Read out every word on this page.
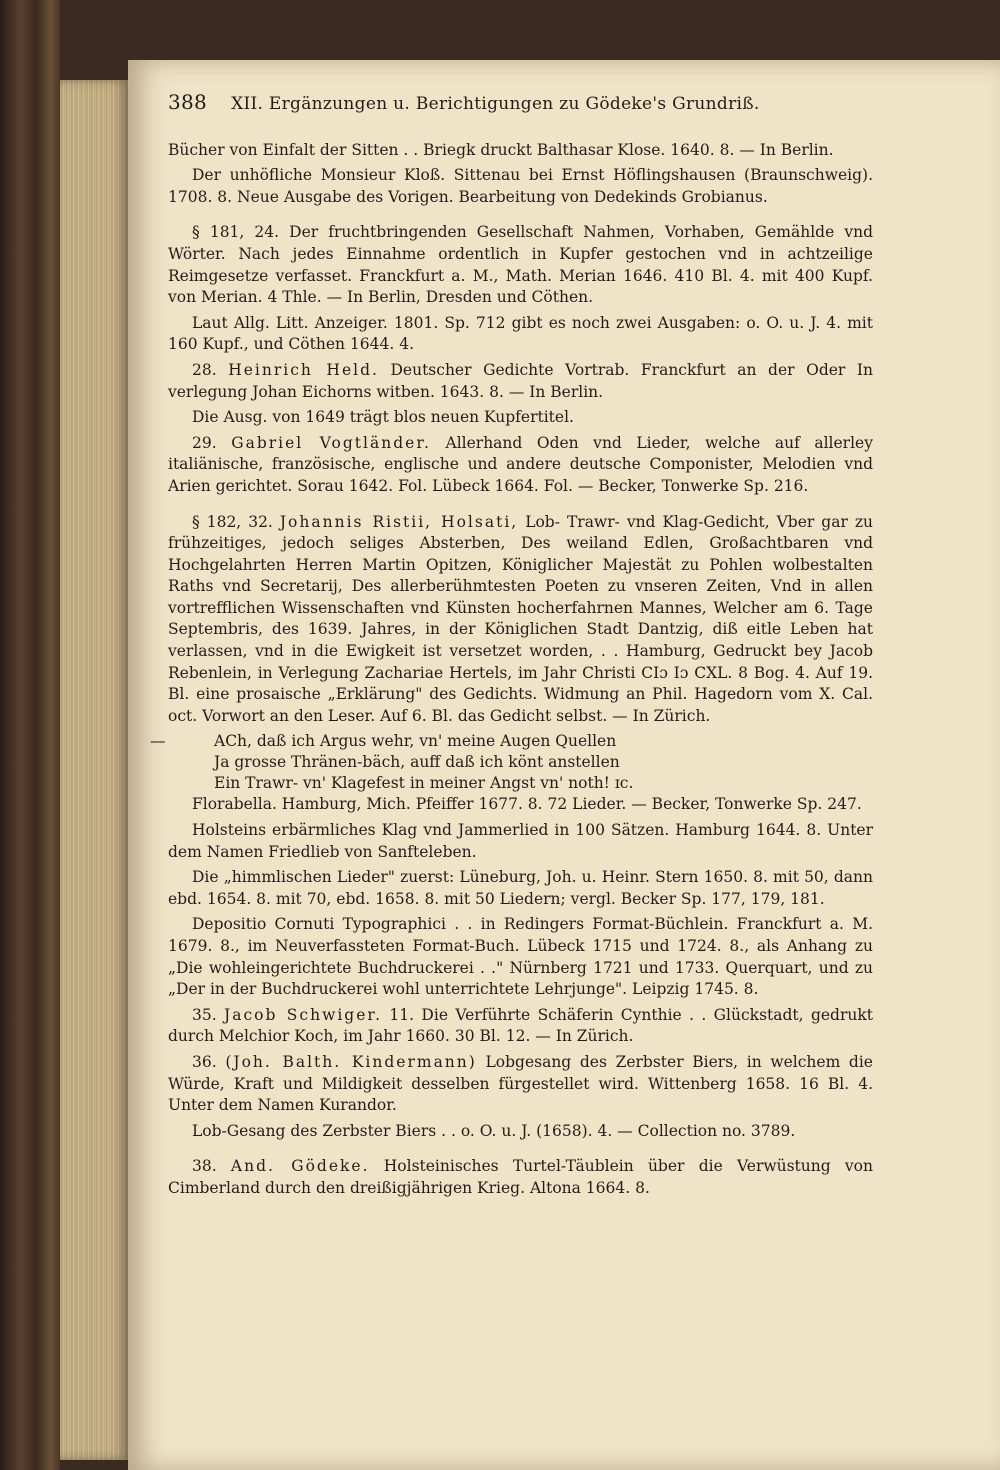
388 XII. Ergänzungen u. Berichtigungen zu Gödeke's Grundriß.

Bücher von Einfalt der Sitten . . Briegk druckt Balthasar Klose. 1640. 8. — In Berlin.

Der unhöfliche Monsieur Kloß. Sittenau bei Ernst Höflingshausen (Braunschweig). 1708. 8. Neue Ausgabe des Vorigen. Bearbeitung von Dedekinds Grobianus.

§ 181, 24. Der fruchtbringenden Gesellschaft Nahmen, Vorhaben, Gemählde vnd Wörter. Nach jedes Einnahme ordentlich in Kupfer gestochen vnd in achtzeilige Reimgesetze verfasset. Franckfurt a. M., Math. Merian 1646. 410 Bl. 4. mit 400 Kupf. von Merian. 4 Thle. — In Berlin, Dresden und Cöthen.

Laut Allg. Litt. Anzeiger. 1801. Sp. 712 gibt es noch zwei Ausgaben: o. O. u. J. 4. mit 160 Kupf., und Cöthen 1644. 4.

28. Heinrich Held. Deutscher Gedichte Vortrab. Franckfurt an der Oder In verlegung Johan Eichorns witben. 1643. 8. — In Berlin.

Die Ausg. von 1649 trägt blos neuen Kupfertitel.

29. Gabriel Vogtländer. Allerhand Oden vnd Lieder, welche auf allerley italiänische, französische, englische und andere deutsche Componister, Melodien vnd Arien gerichtet. Sorau 1642. Fol. Lübeck 1664. Fol. — Becker, Tonwerke Sp. 216.

§ 182, 32. Johannis Ristii, Holsati, Lob- Trawr- vnd Klag-Gedicht, Vber gar zu frühzeitiges, jedoch seliges Absterben, Des weiland Edlen, Großachtbaren vnd Hochgelahrten Herren Martin Opitzen, Königlicher Majestät zu Pohlen wolbestalten Raths vnd Secretarij, Des allerberühmtesten Poeten zu vnseren Zeiten, Vnd in allen vortrefflichen Wissenschaften vnd Künsten hocherfahrnen Mannes, Welcher am 6. Tage Septembris, des 1639. Jahres, in der Königlichen Stadt Dantzig, diß eitle Leben hat verlassen, vnd in die Ewigkeit ist versetzet worden, . . Hamburg, Gedruckt bey Jacob Rebenlein, in Verlegung Zachariae Hertels, im Jahr Christi CIɔ Iɔ CXL. 8 Bog. 4. Auf 19. Bl. eine prosaische „Erklärung" des Gedichts. Widmung an Phil. Hagedorn vom X. Cal. oct. Vorwort an den Leser. Auf 6. Bl. das Gedicht selbst. — In Zürich.

—	ACh, daß ich Argus wehr, vn' meine Augen Quellen
Ja grosse Thränen-bäch, auff daß ich könt anstellen
Ein Trawr- vn' Klagefest in meiner Angst vn' noth! ɪc.

Florabella. Hamburg, Mich. Pfeiffer 1677. 8. 72 Lieder. — Becker, Tonwerke Sp. 247.

Holsteins erbärmliches Klag vnd Jammerlied in 100 Sätzen. Hamburg 1644. 8. Unter dem Namen Friedlieb von Sanfteleben.

Die „himmlischen Lieder" zuerst: Lüneburg, Joh. u. Heinr. Stern 1650. 8. mit 50, dann ebd. 1654. 8. mit 70, ebd. 1658. 8. mit 50 Liedern; vergl. Becker Sp. 177, 179, 181.

Depositio Cornuti Typographici . . in Redingers Format-Büchlein. Franckfurt a. M. 1679. 8., im Neuverfassteten Format-Buch. Lübeck 1715 und 1724. 8., als Anhang zu „Die wohleingerichtete Buchdruckerei . ." Nürnberg 1721 und 1733. Querquart, und zu „Der in der Buchdruckerei wohl unterrichtete Lehrjunge". Leipzig 1745. 8.

35. Jacob Schwiger. 11. Die Verführte Schäferin Cynthie . . Glückstadt, gedrukt durch Melchior Koch, im Jahr 1660. 30 Bl. 12. — In Zürich.

36. (Joh. Balth. Kindermann) Lobgesang des Zerbster Biers, in welchem die Würde, Kraft und Mildigkeit desselben fürgestellet wird. Wittenberg 1658. 16 Bl. 4. Unter dem Namen Kurandor.

Lob-Gesang des Zerbster Biers . . o. O. u. J. (1658). 4. — Collection no. 3789.

38. And. Gödeke. Holsteinisches Turtel-Täublein über die Verwüstung von Cimberland durch den dreißigjährigen Krieg. Altona 1664. 8.
